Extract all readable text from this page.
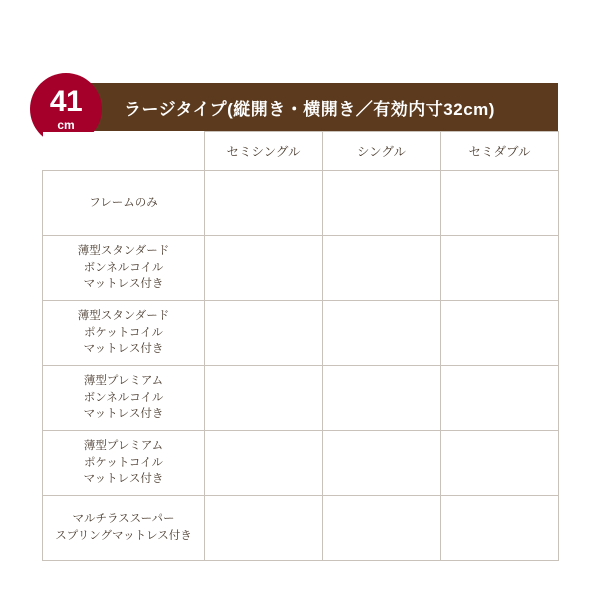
ラージタイプ(縦開き・横開き／有効内寸32cm)
41
cm
	セミシングル	シングル	セミダブル

フレームのみ			

薄型スタンダード
ボンネルコイル
マットレス付き			

薄型スタンダード
ポケットコイル
マットレス付き			

薄型プレミアム
ボンネルコイル
マットレス付き			

薄型プレミアム
ポケットコイル
マットレス付き			

マルチラススーパー
スプリングマットレス付き			
